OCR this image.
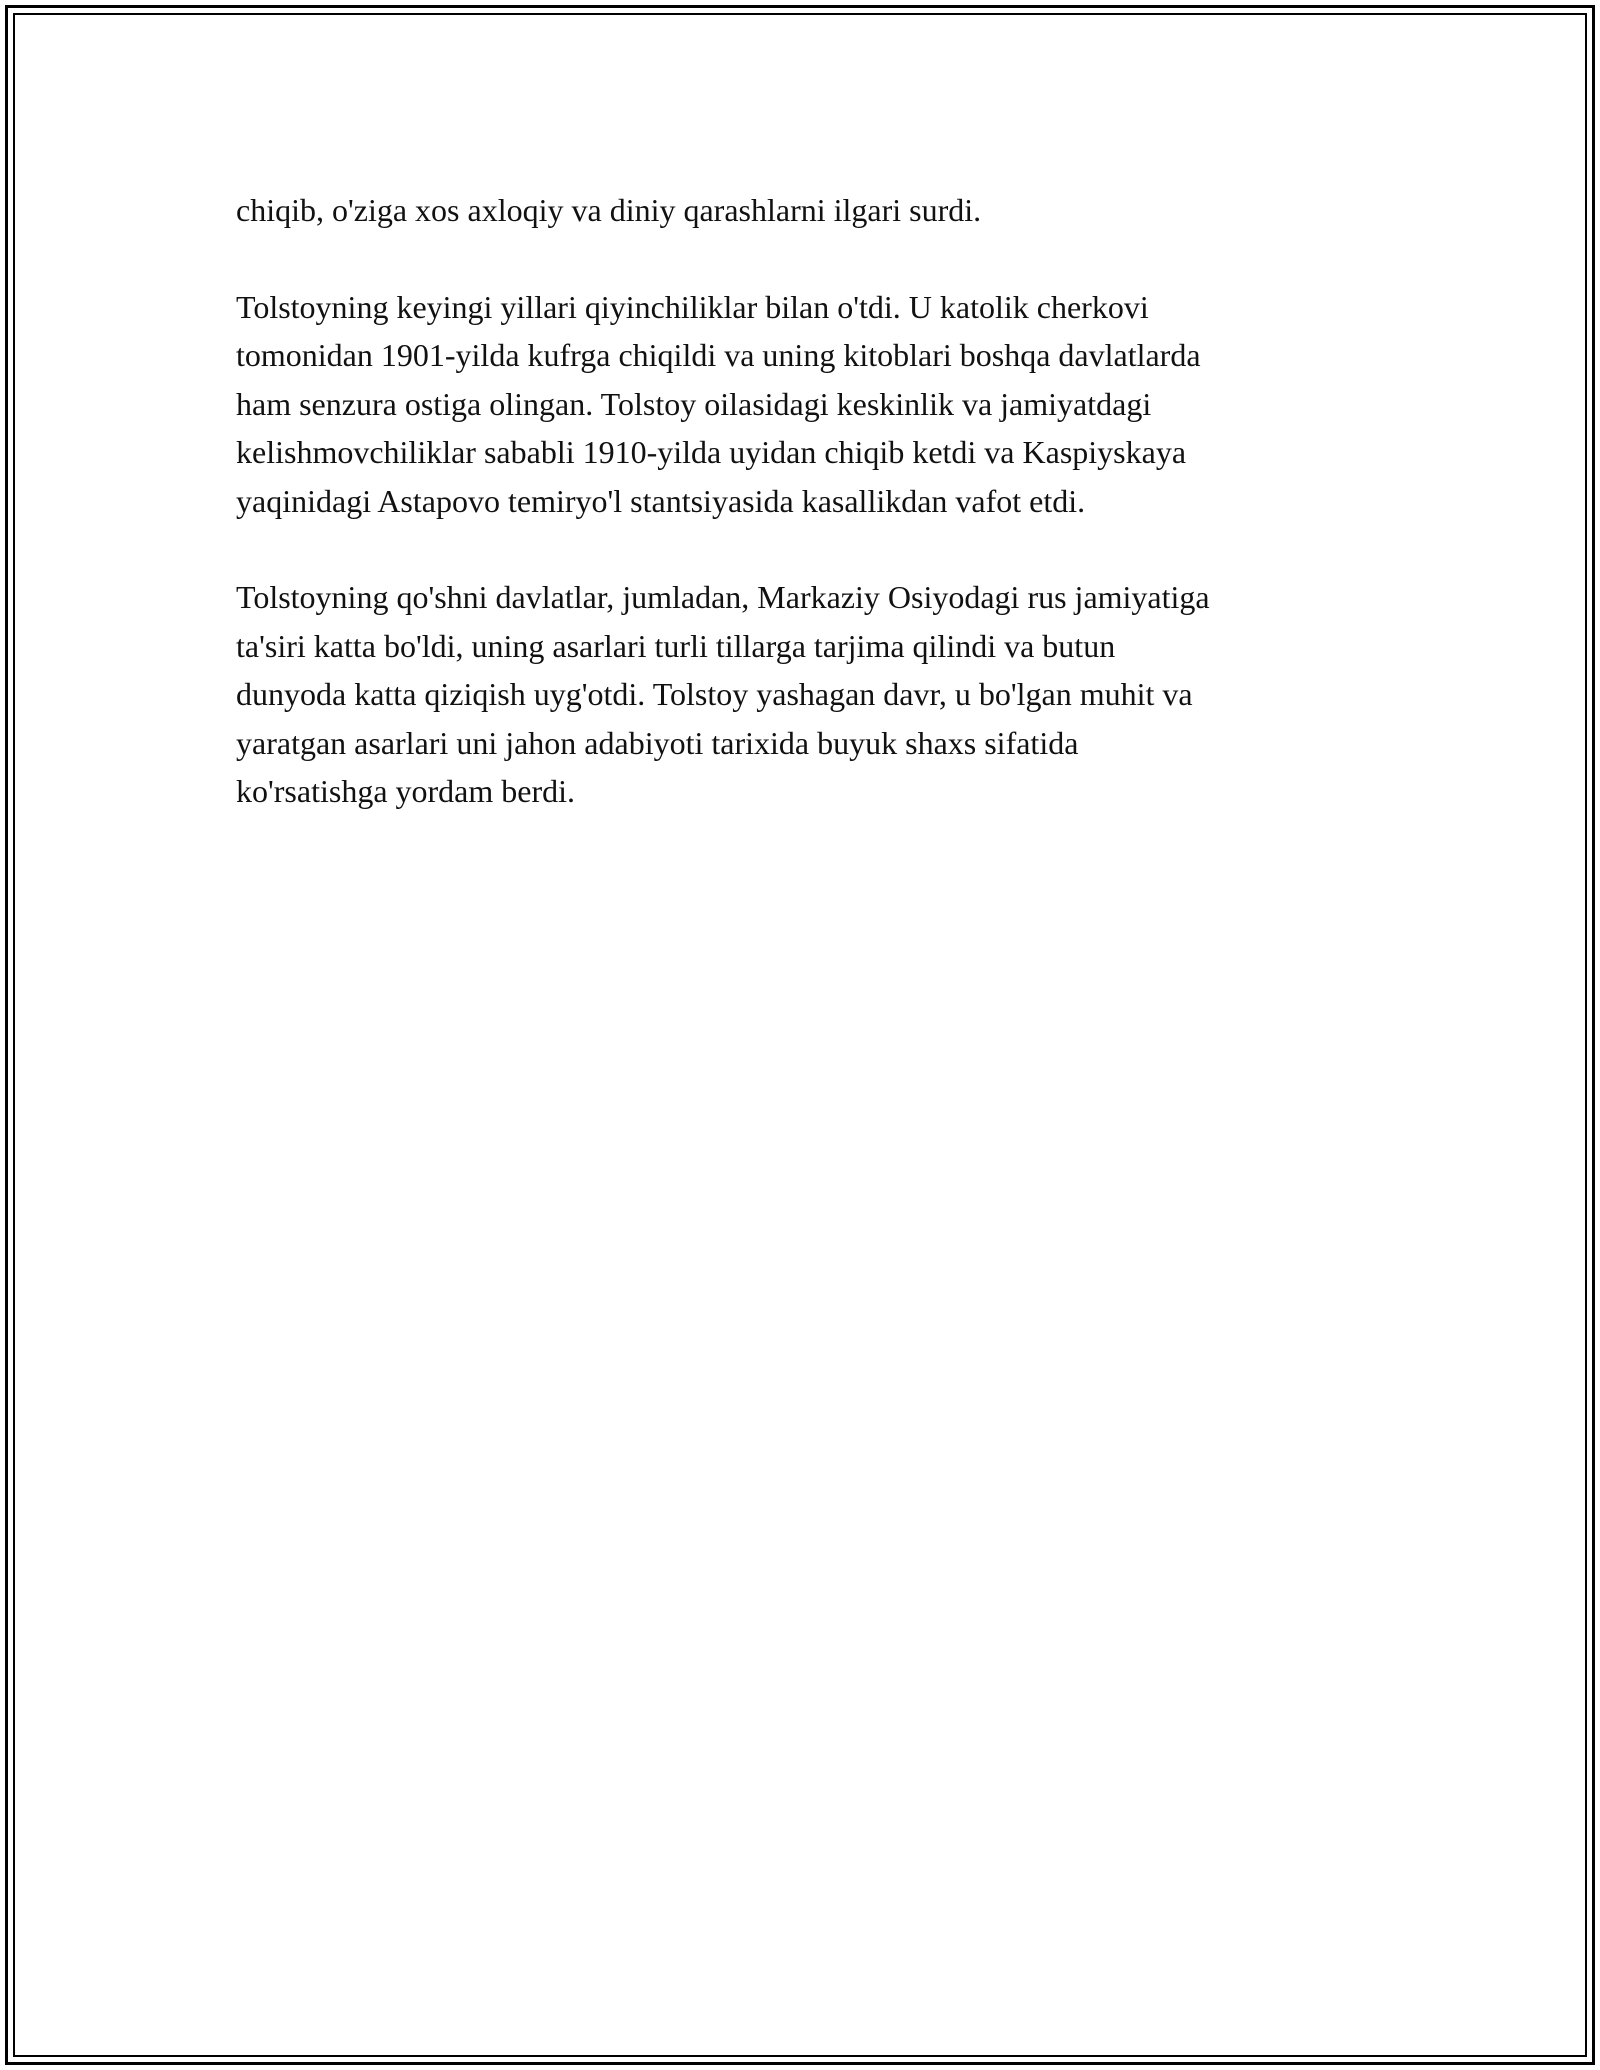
chiqib, o'ziga xos axloqiy va diniy qarashlarni ilgari surdi.

Tolstoyning keyingi yillari qiyinchiliklar bilan o'tdi. U katolik cherkovi
tomonidan 1901-yilda kufrga chiqildi va uning kitoblari boshqa davlatlarda
ham senzura ostiga olingan. Tolstoy oilasidagi keskinlik va jamiyatdagi
kelishmovchiliklar sababli 1910-yilda uyidan chiqib ketdi va Kaspiyskaya
yaqinidagi Astapovo temiryo'l stantsiyasida kasallikdan vafot etdi.

Tolstoyning qo'shni davlatlar, jumladan, Markaziy Osiyodagi rus jamiyatiga
ta'siri katta bo'ldi, uning asarlari turli tillarga tarjima qilindi va butun
dunyoda katta qiziqish uyg'otdi. Tolstoy yashagan davr, u bo'lgan muhit va
yaratgan asarlari uni jahon adabiyoti tarixida buyuk shaxs sifatida
ko'rsatishga yordam berdi.
